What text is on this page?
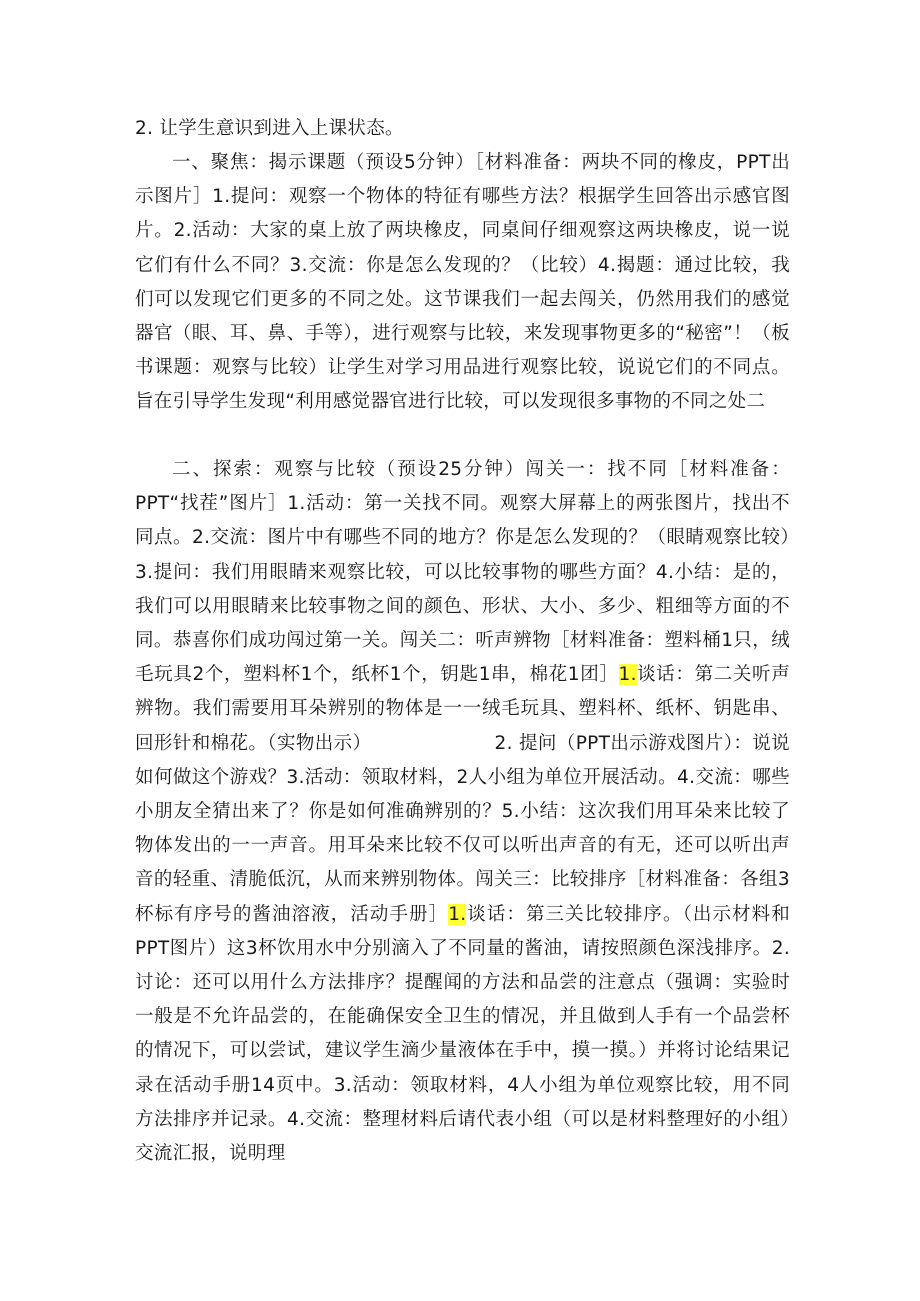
2. 让学生意识到进入上课状态。
一、聚焦：揭示课题（预设5分钟）［材料准备：两块不同的橡皮，PPT出示图片］1.提问：观察一个物体的特征有哪些方法？根据学生回答出示感官图片。2.活动：大家的桌上放了两块橡皮，同桌间仔细观察这两块橡皮，说一说它们有什么不同？3.交流：你是怎么发现的？（比较）4.揭题：通过比较，我们可以发现它们更多的不同之处。这节课我们一起去闯关，仍然用我们的感觉器官（眼、耳、鼻、手等），进行观察与比较，来发现事物更多的“秘密”！（板书课题：观察与比较）让学生对学习用品进行观察比较，说说它们的不同点。旨在引导学生发现“利用感觉器官进行比较，可以发现很多事物的不同之处二
二、探索：观察与比较（预设25分钟）闯关一：找不同［材料准备：PPT“找茬”图片］1.活动：第一关找不同。观察大屏幕上的两张图片，找出不同点。2.交流：图片中有哪些不同的地方？你是怎么发现的？（眼睛观察比较）3.提问：我们用眼睛来观察比较，可以比较事物的哪些方面？4.小结：是的，我们可以用眼睛来比较事物之间的颜色、形状、大小、多少、粗细等方面的不同。恭喜你们成功闯过第一关。闯关二：听声辨物［材料准备：塑料桶1只，绒毛玩具2个，塑料杯1个，纸杯1个，钥匙1串，棉花1团］1.谈话：第二关听声辨物。我们需要用耳朵辨别的物体是一一绒毛玩具、塑料杯、纸杯、钥匙串、回形针和棉花。（实物出示）　　　　　　　2. 提问（PPT出示游戏图片）：说说如何做这个游戏？3.活动：领取材料，2人小组为单位开展活动。4.交流：哪些小朋友全猜出来了？你是如何准确辨别的？5.小结：这次我们用耳朵来比较了物体发出的一一声音。用耳朵来比较不仅可以听出声音的有无，还可以听出声音的轻重、清脆低沉，从而来辨别物体。闯关三：比较排序［材料准备：各组3杯标有序号的酱油溶液，活动手册］1.谈话：第三关比较排序。（出示材料和PPT图片）这3杯饮用水中分别滴入了不同量的酱油，请按照颜色深浅排序。2.讨论：还可以用什么方法排序？提醒闻的方法和品尝的注意点（强调：实验时一般是不允许品尝的，在能确保安全卫生的情况，并且做到人手有一个品尝杯的情况下，可以尝试，建议学生滴少量液体在手中，摸一摸。）并将讨论结果记录在活动手册14页中。3.活动：领取材料，4人小组为单位观察比较，用不同方法排序并记录。4.交流：整理材料后请代表小组（可以是材料整理好的小组）交流汇报，说明理
